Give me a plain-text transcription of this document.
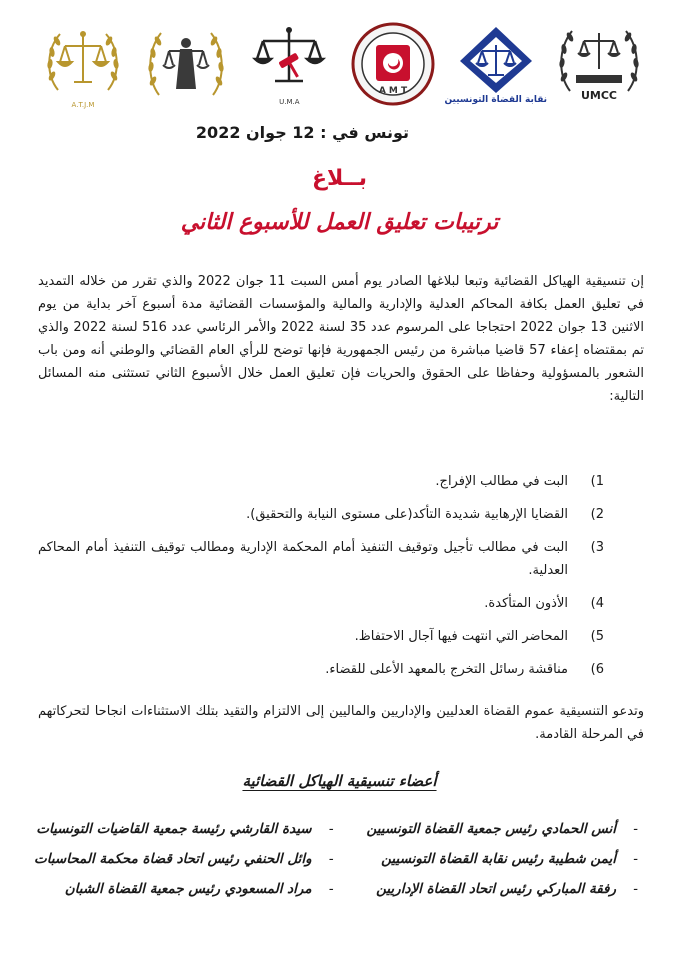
A.T.J.M	U.M.A
A M T
نقابة القضاة التونسيين	UMCC
تونس في : 12 جوان 2022
بــلاغ
ترتيبات تعليق العمل للأسبوع الثاني

إن تنسيقية الهياكل القضائية وتبعا لبلاغها الصادر يوم أمس السبت 11 جوان 2022 والذي تقرر من خلاله التمديد في تعليق العمل بكافة المحاكم العدلية والإدارية والمالية والمؤسسات القضائية مدة أسبوع آخر بداية من يوم الاثنين 13 جوان 2022 احتجاجا على المرسوم عدد 35 لسنة 2022 والأمر الرئاسي عدد 516 لسنة 2022 والذي تم بمقتضاه إعفاء 57 قاضيا مباشرة من رئيس الجمهورية فإنها توضح للرأي العام القضائي والوطني أنه ومن باب الشعور بالمسؤولية وحفاظا على الحقوق والحريات فإن تعليق العمل خلال الأسبوع الثاني تستثنى منه المسائل التالية:

1)
البت في مطالب الإفراج.
2)
القضايا الإرهابية شديدة التأكد(على مستوى النيابة والتحقيق).
3)
البت في مطالب تأجيل وتوقيف التنفيذ أمام المحكمة الإدارية ومطالب توقيف التنفيذ أمام المحاكم العدلية.
4)
الأذون المتأكدة.
5)
المحاضر التي انتهت فيها آجال الاحتفاظ.
6)
مناقشة رسائل التخرج بالمعهد الأعلى للقضاء.
وتدعو التنسيقية عموم القضاة العدليين والإداريين والماليين إلى الالتزام والتقيد بتلك الاستثناءات انجاحا لتحركاتهم في المرحلة القادمة.
أعضاء تنسيقية الهياكل القضائية
-
أنس الحمادي رئيس جمعية القضاة التونسيين
-
سيدة القارشي رئيسة جمعية القاضيات التونسيات
-
أيمن شطيبة رئيس نقابة القضاة التونسيين
-
وائل الحنفي رئيس اتحاد قضاة محكمة المحاسبات
-
رفقة المباركي رئيس اتحاد القضاة الإداريين
-
مراد المسعودي رئيس جمعية القضاة الشبان
